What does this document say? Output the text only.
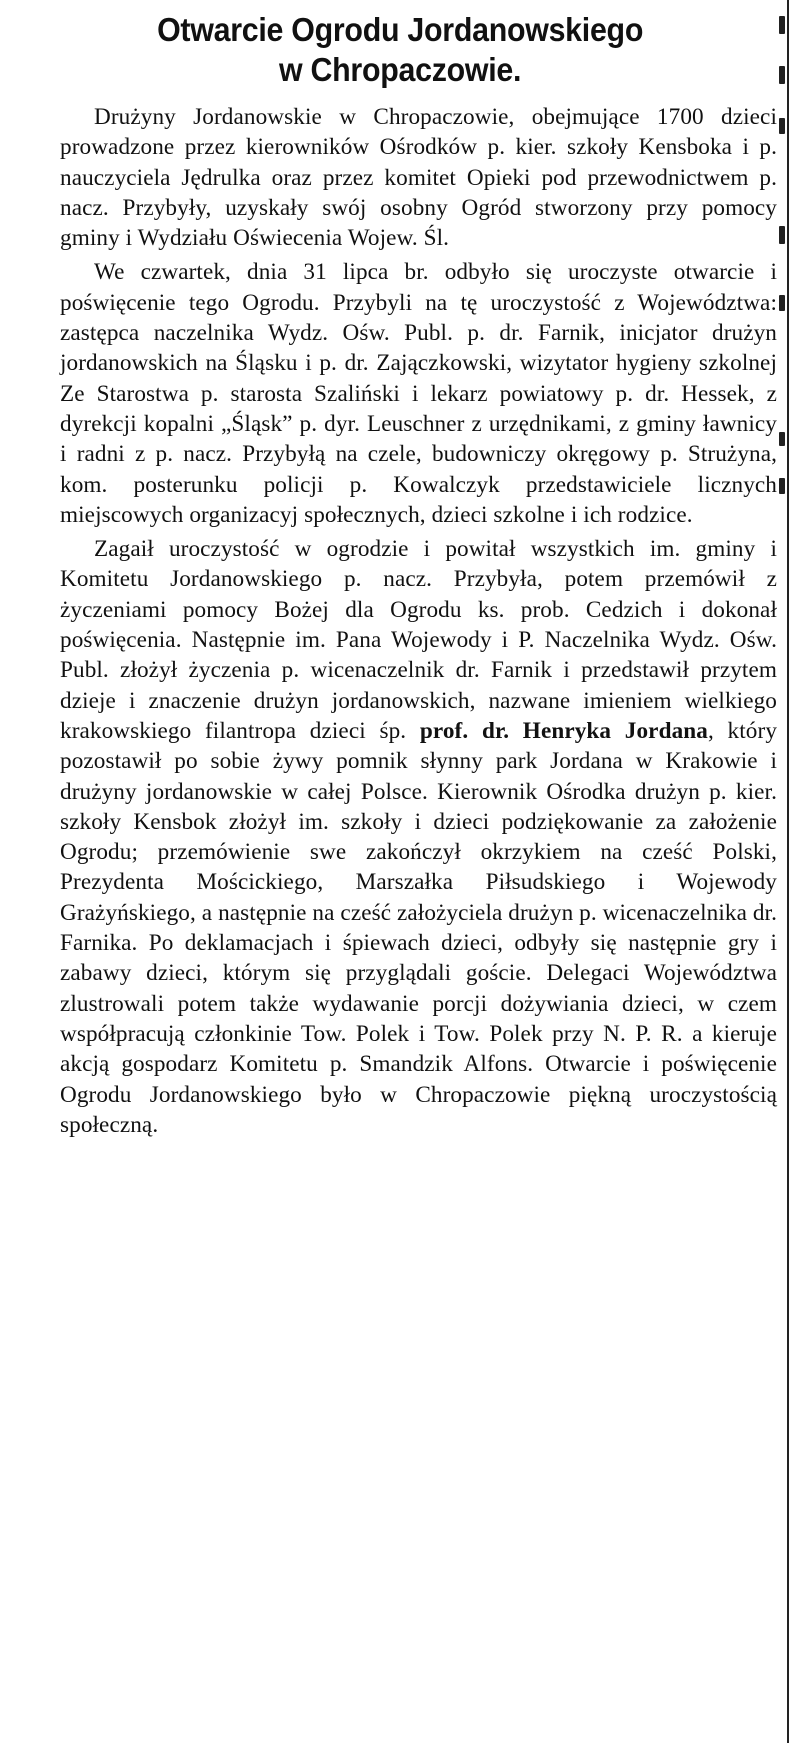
Otwarcie Ogrodu Jordanowskiego
w Chropaczowie.

Drużyny Jordanowskie w Chropaczowie, obejmujące 1700 dzieci prowadzone przez kierowników Ośrodków p. kier. szkoły Kensboka i p. nauczyciela Jędrulka oraz przez komitet Opieki pod przewodnictwem p. nacz. Przybyły, uzyskały swój osobny Ogród stworzony przy pomocy gminy i Wydziału Oświecenia Wojew. Śl.

We czwartek, dnia 31 lipca br. odbyło się uroczyste otwarcie i poświęcenie tego Ogrodu. Przybyli na tę uroczystość z Województwa: zastępca naczelnika Wydz. Ośw. Publ. p. dr. Farnik, inicjator drużyn jordanowskich na Śląsku i p. dr. Zajączkowski, wizytator hygieny szkolnej Ze Starostwa p. starosta Szaliński i lekarz powiatowy p. dr. Hessek, z dyrekcji kopalni „Śląsk” p. dyr. Leuschner z urzędnikami, z gminy ławnicy i radni z p. nacz. Przybyłą na czele, budowniczy okręgowy p. Strużyna, kom. posterunku policji p. Kowalczyk przedstawiciele licznych miejscowych organizacyj społecznych, dzieci szkolne i ich rodzice.

Zagaił uroczystość w ogrodzie i powitał wszystkich im. gminy i Komitetu Jordanowskiego p. nacz. Przybyła, potem przemówił z życzeniami pomocy Bożej dla Ogrodu ks. prob. Cedzich i dokonał poświęcenia. Następnie im. Pana Wojewody i P. Naczelnika Wydz. Ośw. Publ. złożył życzenia p. wicenaczelnik dr. Farnik i przedstawił przytem dzieje i znaczenie drużyn jordanowskich, nazwane imieniem wielkiego krakowskiego filantropa dzieci śp. prof. dr. Henryka Jordana, który pozostawił po sobie żywy pomnik słynny park Jordana w Krakowie i drużyny jordanowskie w całej Polsce. Kierownik Ośrodka drużyn p. kier. szkoły Kensbok złożył im. szkoły i dzieci podziękowanie za założenie Ogrodu; przemówienie swe zakończył okrzykiem na cześć Polski, Prezydenta Mościckiego, Marszałka Piłsudskiego i Wojewody Grażyńskiego, a następnie na cześć założyciela drużyn p. wicenaczelnika dr. Farnika. Po deklamacjach i śpiewach dzieci, odbyły się następnie gry i zabawy dzieci, którym się przyglądali goście. Delegaci Województwa zlustrowali potem także wydawanie porcji dożywiania dzieci, w czem współpracują członkinie Tow. Polek i Tow. Polek przy N. P. R. a kieruje akcją gospodarz Komitetu p. Smandzik Alfons. Otwarcie i poświęcenie Ogrodu Jordanowskiego było w Chropaczowie piękną uroczystością społeczną.
